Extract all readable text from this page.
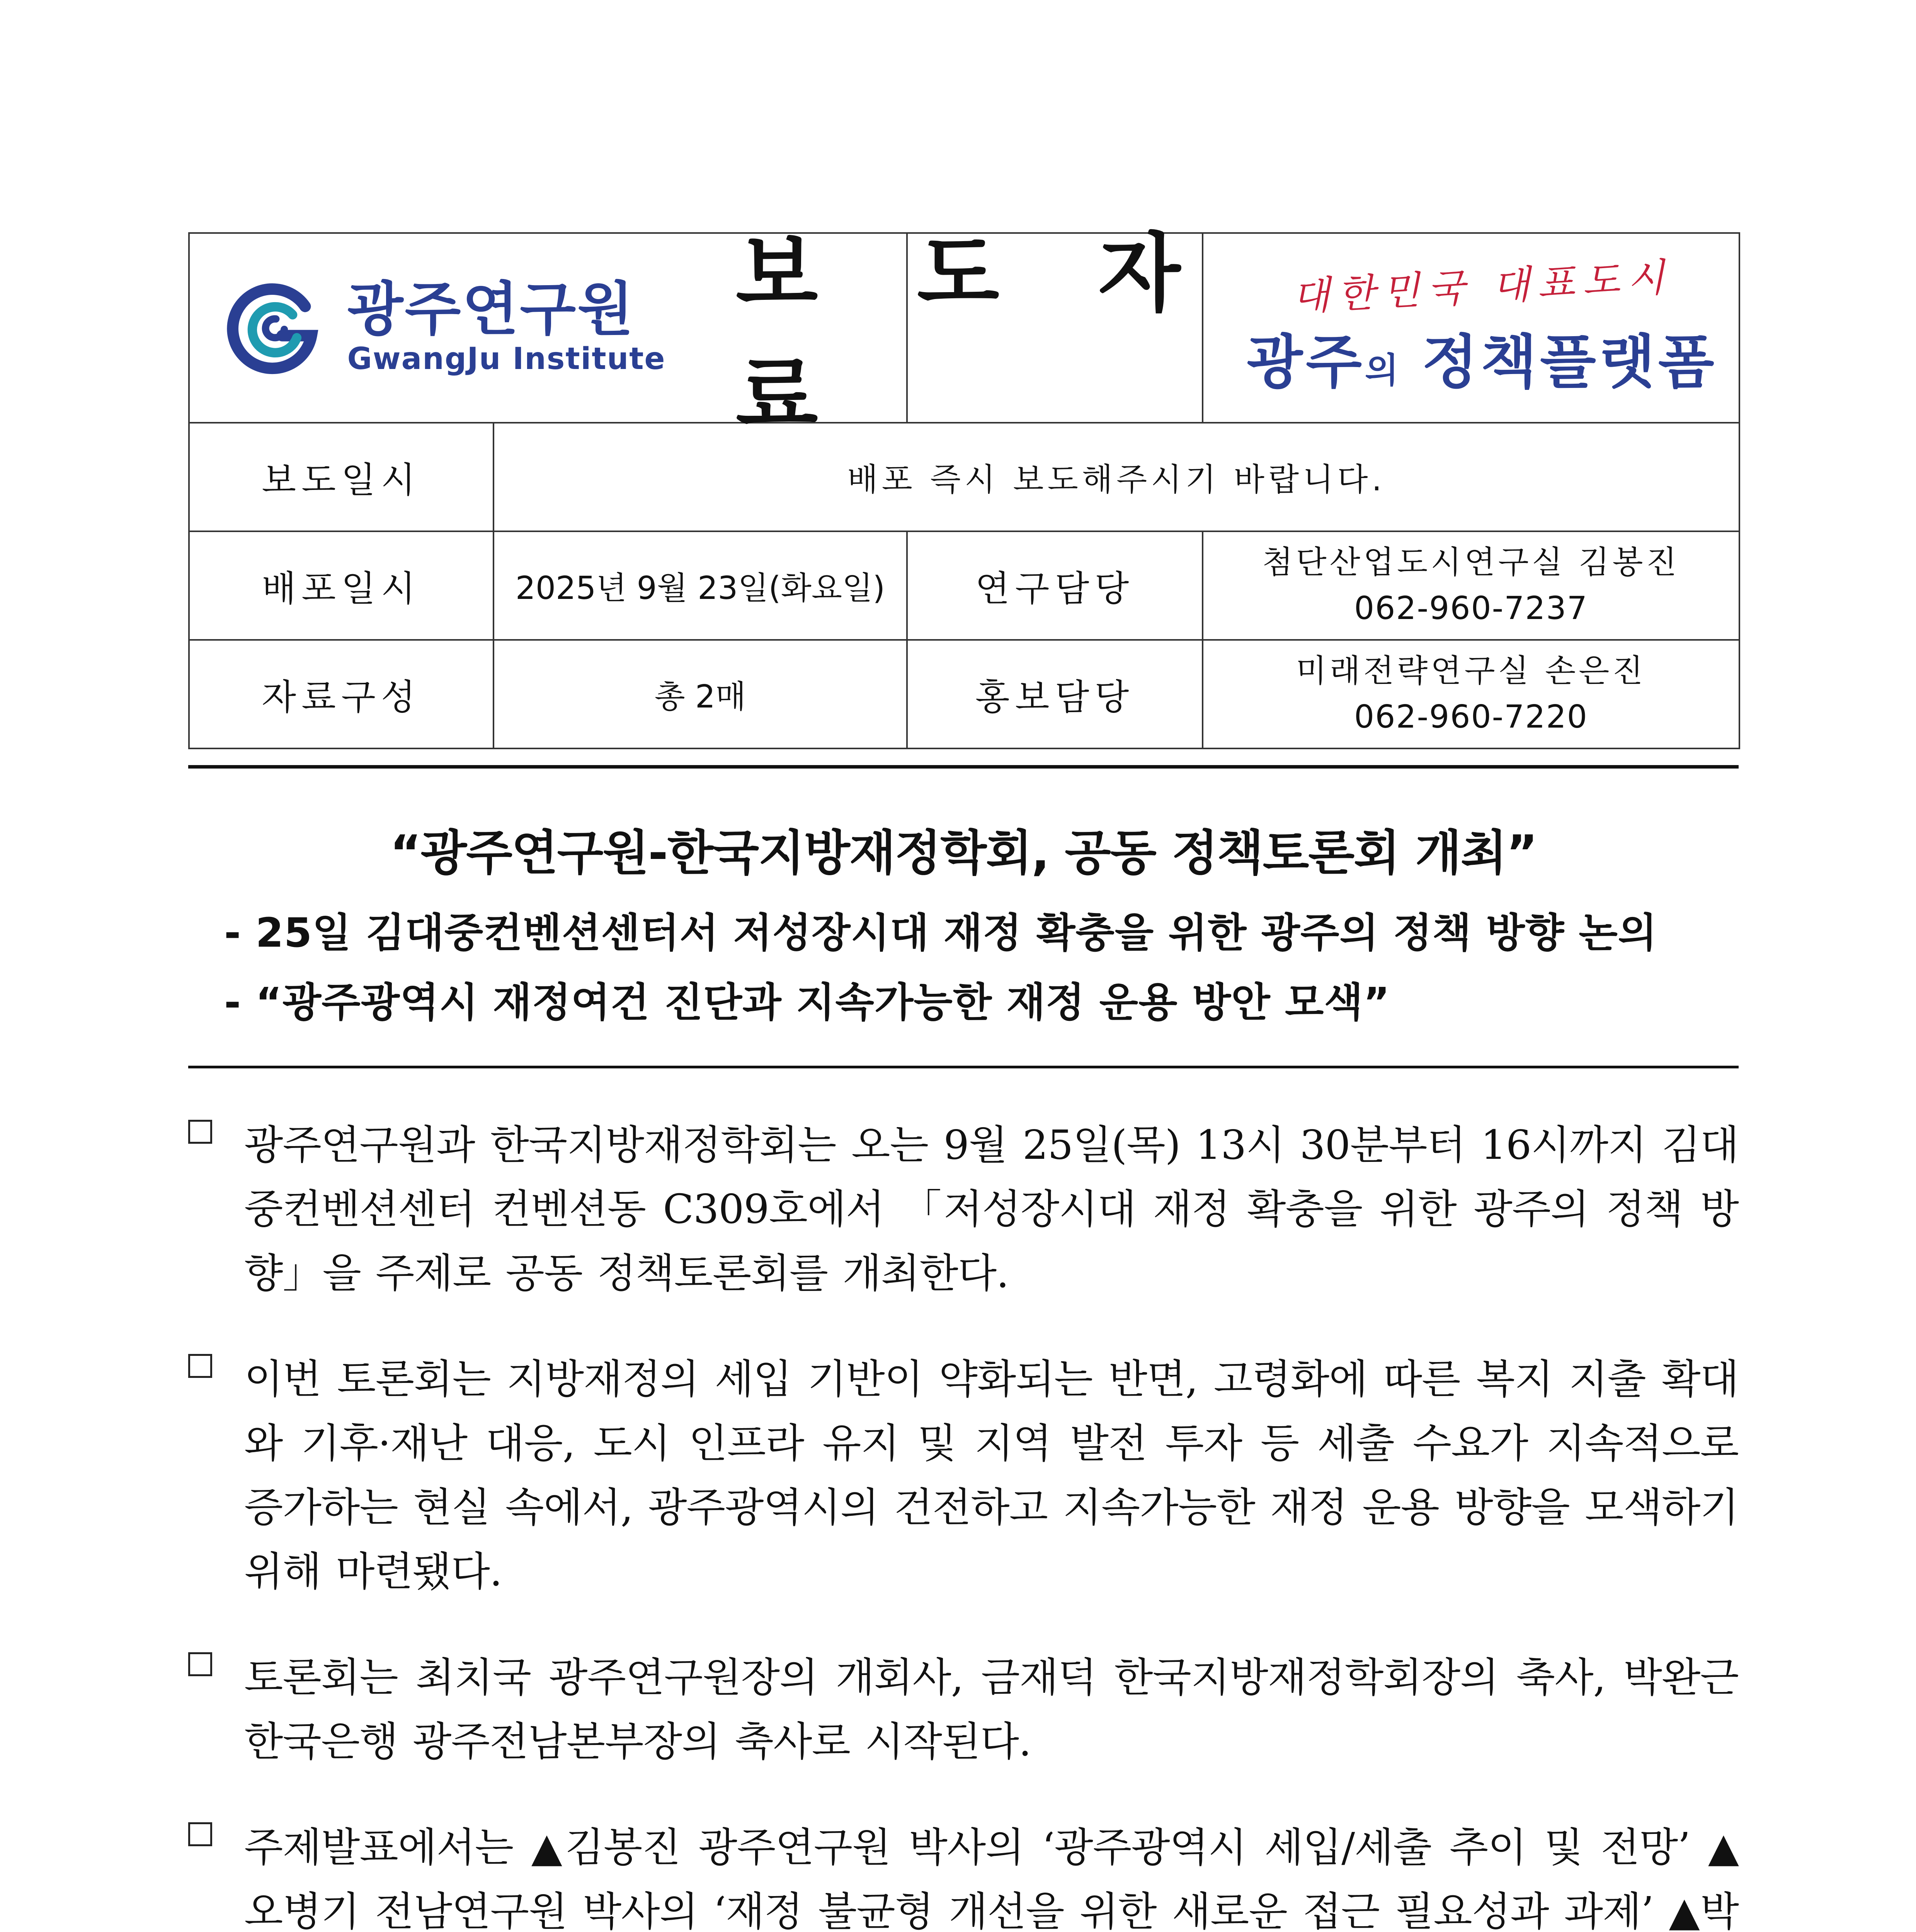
보도일시	배포 즉시 보도해주시기 바랍니다.		
배포일시	2025년 9월 23일(화요일)	연구담당	첨단산업도시연구실 김봉진
062-960-7237

자료구성	총 2매	홍보담당	미래전략연구실 손은진
062-960-7220
광주연구원
GwangJu Institute
보 도 자 료
대한민국 대표도시
광주의 정책플랫폼
“광주연구원-한국지방재정학회, 공동 정책토론회 개최”
- 25일 김대중컨벤션센터서 저성장시대 재정 확충을 위한 광주의 정책 방향 논의
- “광주광역시 재정여건 진단과 지속가능한 재정 운용 방안 모색”
광주연구원과 한국지방재정학회는 오는 9월 25일(목) 13시 30분부터 16시까지 김대중컨벤션센터 컨벤션동 C309호에서 「저성장시대 재정 확충을 위한 광주의 정책 방향」을 주제로 공동 정책토론회를 개최한다.
이번 토론회는 지방재정의 세입 기반이 약화되는 반면, 고령화에 따른 복지 지출 확대와 기후·재난 대응, 도시 인프라 유지 및 지역 발전 투자 등 세출 수요가 지속적으로 증가하는 현실 속에서, 광주광역시의 건전하고 지속가능한 재정 운용 방향을 모색하기 위해 마련됐다.
토론회는 최치국 광주연구원장의 개회사, 금재덕 한국지방재정학회장의 축사, 박완근 한국은행 광주전남본부장의 축사로 시작된다.
주제발표에서는 ▲김봉진 광주연구원 박사의 ‘광주광역시 세입/세출 추이 및 전망’ ▲오병기 전남연구원 박사의 ‘재정 불균형 개선을 위한 새로운 접근 필요성과 과제’ ▲박
